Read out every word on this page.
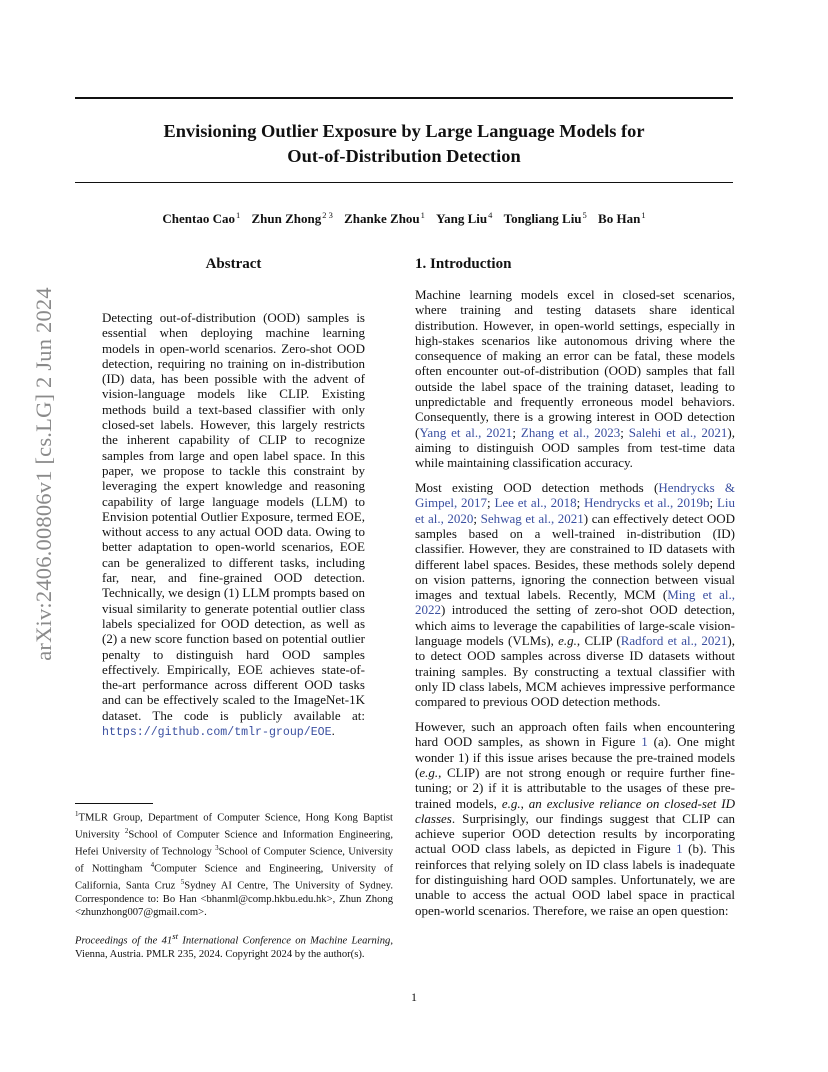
Envisioning Outlier Exposure by Large Language Models for
Out-of-Distribution Detection
Chentao Cao$^1$ Zhun Zhong$^{2 3}$ Zhanke Zhou$^1$ Yang Liu$^4$ Tongliang Liu$^5$ Bo Han$^1$
arXiv:2406.00806v1 [cs.LG] 2 Jun 2024
Abstract	1. Introduction

Detecting out-of-distribution (OOD) samples is essential when deploying machine learning models in open-world scenarios. Zero-shot OOD detection, requiring no training on in-distribution (ID) data, has been possible with the advent of vision-language models like CLIP. Existing methods build a text-based classifier with only closed-set labels. However, this largely restricts the inherent capability of CLIP to recognize samples from large and open label space. In this paper, we propose to tackle this constraint by leveraging the expert knowledge and reasoning capability of large language models (LLM) to Envision potential Outlier Exposure, termed EOE, without access to any actual OOD data. Owing to better adaptation to open-world scenarios, EOE can be generalized to different tasks, including far, near, and fine-grained OOD detection. Technically, we design (1) LLM prompts based on visual similarity to generate potential outlier class labels specialized for OOD detection, as well as (2) a new score function based on potential outlier penalty to distinguish hard OOD samples effectively. Empirically, EOE achieves state-of-the-art performance across different OOD tasks and can be effectively scaled to the ImageNet-1K dataset. The code is publicly available at: https://github.com/tmlr-group/EOE.

Machine learning models excel in closed-set scenarios, where training and testing datasets share identical distribution. However, in open-world settings, especially in high-stakes scenarios like autonomous driving where the consequence of making an error can be fatal, these models often encounter out-of-distribution (OOD) samples that fall outside the label space of the training dataset, leading to unpredictable and frequently erroneous model behaviors. Consequently, there is a growing interest in OOD detection (Yang et al., 2021; Zhang et al., 2023; Salehi et al., 2021), aiming to distinguish OOD samples from test-time data while maintaining classification accuracy.

Most existing OOD detection methods (Hendrycks & Gimpel, 2017; Lee et al., 2018; Hendrycks et al., 2019b; Liu et al., 2020; Sehwag et al., 2021) can effectively detect OOD samples based on a well-trained in-distribution (ID) classifier. However, they are constrained to ID datasets with different label spaces. Besides, these methods solely depend on vision patterns, ignoring the connection between visual images and textual labels. Recently, MCM (Ming et al., 2022) introduced the setting of zero-shot OOD detection, which aims to leverage the capabilities of large-scale vision-language models (VLMs), e.g., CLIP (Radford et al., 2021), to detect OOD samples across diverse ID datasets without training samples. By constructing a textual classifier with only ID class labels, MCM achieves impressive performance compared to previous OOD detection methods.

However, such an approach often fails when encountering hard OOD samples, as shown in Figure 1 (a). One might wonder 1) if this issue arises because the pre-trained models (e.g., CLIP) are not strong enough or require further fine-tuning; or 2) if it is attributable to the usages of these pre-trained models, e.g., an exclusive reliance on closed-set ID classes. Surprisingly, our findings suggest that CLIP can achieve superior OOD detection results by incorporating actual OOD class labels, as depicted in Figure 1 (b). This reinforces that relying solely on ID class labels is inadequate for distinguishing hard OOD samples. Unfortunately, we are unable to access the actual OOD label space in practical open-world scenarios. Therefore, we raise an open question:

$^1$TMLR Group, Department of Computer Science, Hong Kong Baptist University $^2$School of Computer Science and Information Engineering, Hefei University of Technology $^3$School of Computer Science, University of Nottingham $^4$Computer Science and Engineering, University of California, Santa Cruz $^5$Sydney AI Centre, The University of Sydney. Correspondence to: Bo Han <bhanml@comp.hkbu.edu.hk>, Zhun Zhong <zhunzhong007@gmail.com>.
Proceedings of the 41st International Conference on Machine Learning, Vienna, Austria. PMLR 235, 2024. Copyright 2024 by the author(s).
1
